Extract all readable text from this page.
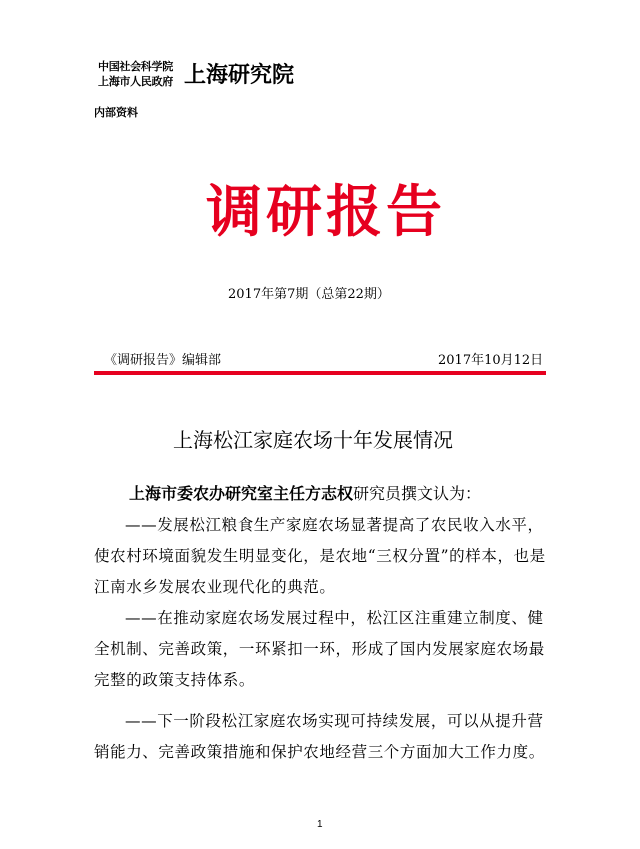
中国社会科学院
上海市人民政府 上海研究院
内部资料
调研报告
2017年第7期（总第22期）
《调研报告》编辑部	2017年10月12日
上海松江家庭农场十年发展情况
上海市委农办研究室主任方志权研究员撰文认为：
——发展松江粮食生产家庭农场显著提高了农民收入水平，使农村环境面貌发生明显变化，是农地“三权分置”的样本，也是江南水乡发展农业现代化的典范。
——在推动家庭农场发展过程中，松江区注重建立制度、健全机制、完善政策，一环紧扣一环，形成了国内发展家庭农场最完整的政策支持体系。
——下一阶段松江家庭农场实现可持续发展，可以从提升营销能力、完善政策措施和保护农地经营三个方面加大工作力度。
1
